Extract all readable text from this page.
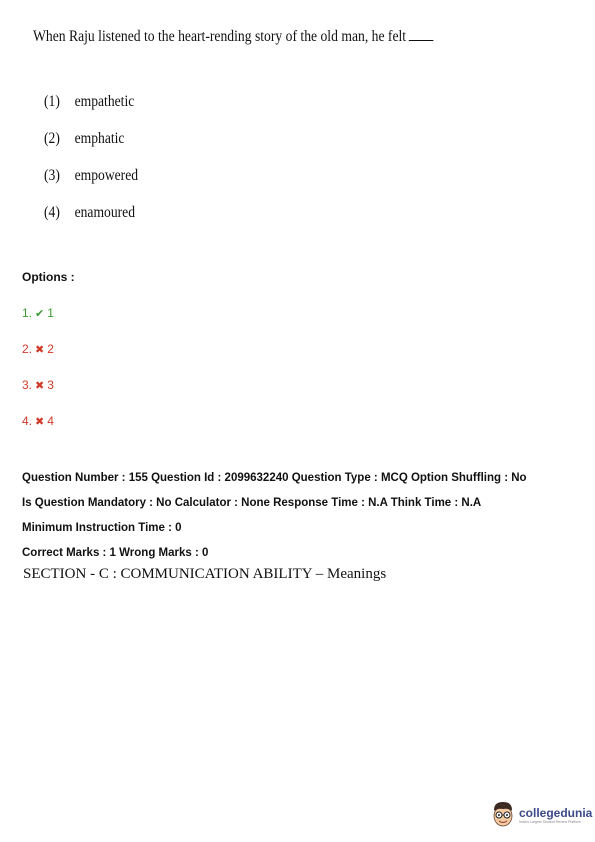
When Raju listened to the heart-rending story of the old man, he felt
(1) empathetic
(2) emphatic
(3) empowered
(4) enamoured
Options :
1. ✔ 1
2. ✖ 2
3. ✖ 3
4. ✖ 4
Question Number : 155 Question Id : 2099632240 Question Type : MCQ Option Shuffling : No
Is Question Mandatory : No Calculator : None Response Time : N.A Think Time : N.A
Minimum Instruction Time : 0
Correct Marks : 1 Wrong Marks : 0
SECTION - C : COMMUNICATION ABILITY – Meanings
collegedunia
India's Largest Student Review Platform
